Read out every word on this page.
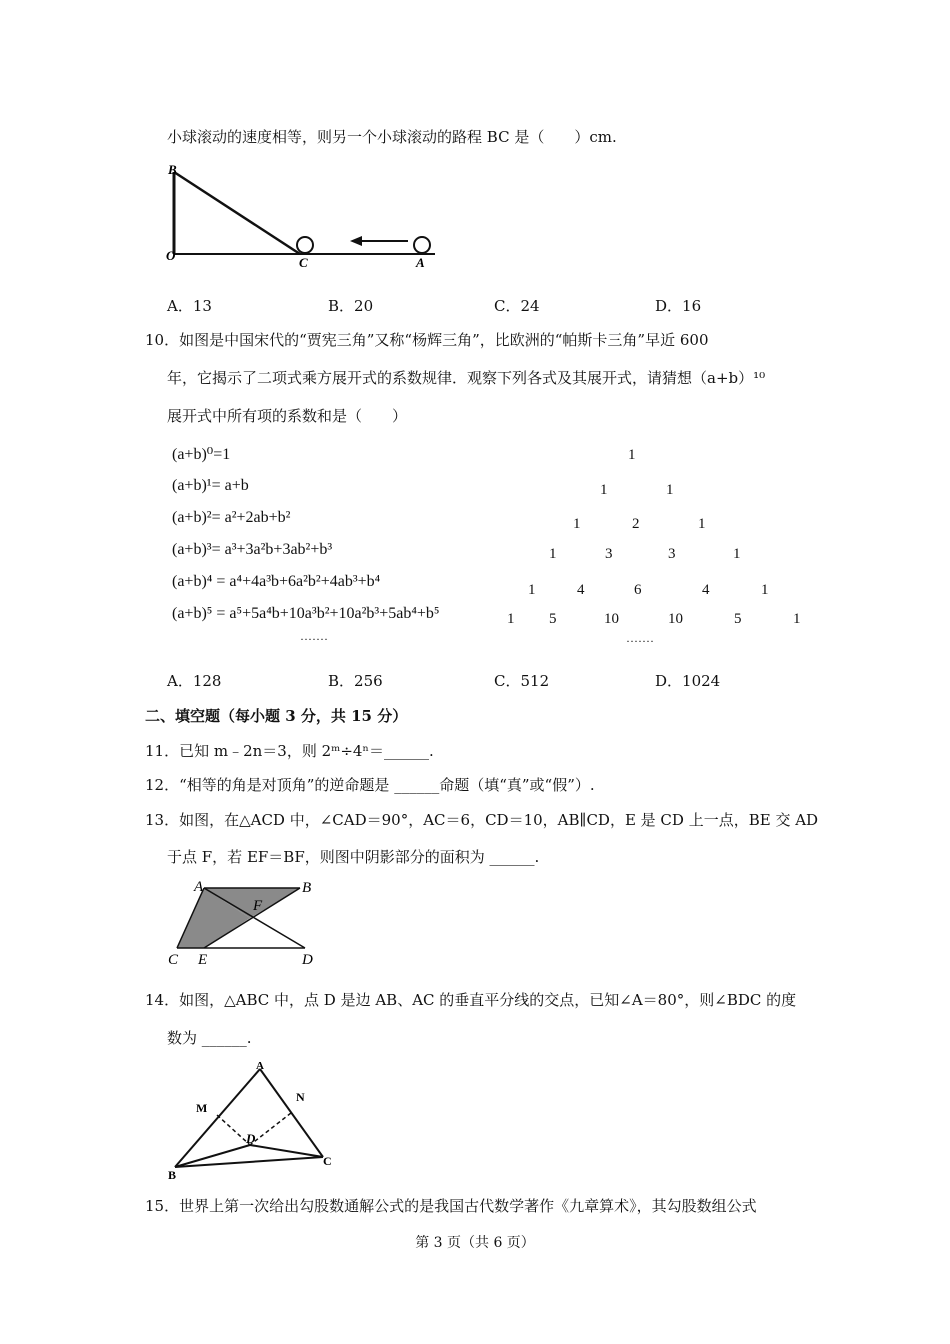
小球滚动的速度相等，则另一个小球滚动的路程 BC 是（　　）cm.
B
O	C	A
A．13	B．20	C．24	D．16
10．如图是中国宋代的“贾宪三角”又称“杨辉三角”，比欧洲的“帕斯卡三角”早近 600
年，它揭示了二项式乘方展开式的系数规律．观察下列各式及其展开式，请猜想（a+b）¹⁰
展开式中所有项的系数和是（　　）
(a+b)⁰=1
(a+b)¹= a+b
(a+b)²= a²+2ab+b²
(a+b)³= a³+3a²b+3ab²+b³
(a+b)⁴ = a⁴+4a³b+6a²b²+4ab³+b⁴
(a+b)⁵ = a⁵+5a⁴b+10a³b²+10a²b³+5ab⁴+b⁵
·······
1
1	1
1	2	1
1	3	3	1
1	4	6	4	1
1 5	10	10	5	1
·······
A．128	B．256	C．512	D．1024
二、填空题（每小题 3 分，共 15 分）
11．已知 m﹣2n＝3，则 2ᵐ÷4ⁿ＝______.
12．“相等的角是对顶角”的逆命题是 ______命题（填“真”或“假”）.
13．如图，在△ACD 中，∠CAD＝90°，AC＝6，CD＝10，AB∥CD，E 是 CD 上一点，BE 交 AD
于点 F，若 EF＝BF，则图中阴影部分的面积为 ______.
A	B
F
C E	D
14．如图，△ABC 中，点 D 是边 AB、AC 的垂直平分线的交点，已知∠A＝80°，则∠BDC 的度
数为 ______.
A
M
N
D
B
C
15．世界上第一次给出勾股数通解公式的是我国古代数学著作《九章算术》，其勾股数组公式
第 3 页（共 6 页）
